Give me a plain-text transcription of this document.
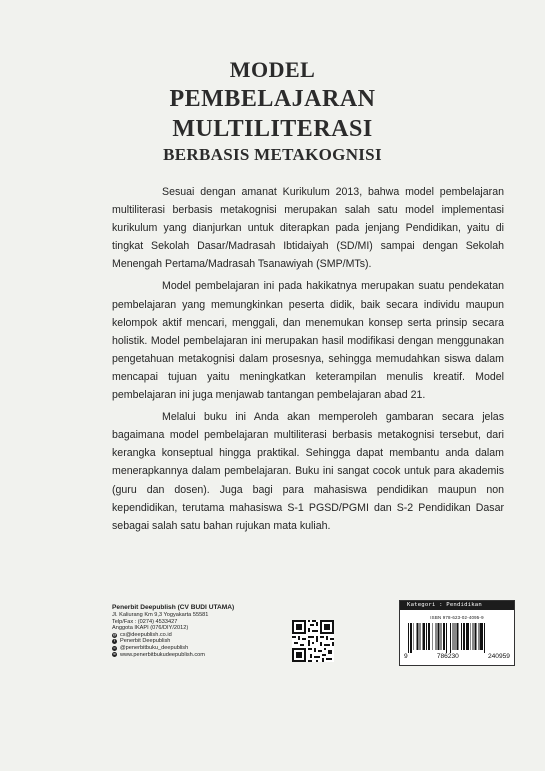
MODEL
PEMBELAJARAN
MULTILITERASI
BERBASIS METAKOGNISI

Sesuai dengan amanat Kurikulum 2013, bahwa model pembelajaran multiliterasi berbasis metakognisi merupakan salah satu model implementasi kurikulum yang dianjurkan untuk diterapkan pada jenjang Pendidikan, yaitu di tingkat Sekolah Dasar/Madrasah Ibtidaiyah (SD/MI) sampai dengan Sekolah Menengah Pertama/Madrasah Tsanawiyah (SMP/MTs).

Model pembelajaran ini pada hakikatnya merupakan suatu pendekatan pembelajaran yang memungkinkan peserta didik, baik secara individu maupun kelompok aktif mencari, menggali, dan menemukan konsep serta prinsip secara holistik. Model pembelajaran ini merupakan hasil modifikasi dengan menggunakan pengetahuan metakognisi dalam prosesnya, sehingga memudahkan siswa dalam mencapai tujuan yaitu meningkatkan keterampilan menulis kreatif. Model pembelajaran ini juga menjawab tantangan pembelajaran abad 21.

Melalui buku ini Anda akan memperoleh gambaran secara jelas bagaimana model pembelajaran multiliterasi berbasis metakognisi tersebut, dari kerangka konseptual hingga praktikal. Sehingga dapat membantu anda dalam menerapkannya dalam pembelajaran. Buku ini sangat cocok untuk para akademis (guru dan dosen). Juga bagi para mahasiswa pendidikan maupun non kependidikan, terutama mahasiswa S-1 PGSD/PGMI dan S-2 Pendidikan Dasar sebagai salah satu bahan rujukan mata kuliah.

Penerbit Deepublish (CV BUDI UTAMA)
Jl. Kaliurang Km 9,3 Yogyakarta 55581
Telp/Fax : (0274) 4533427
Anggota IKAPI (076/DIY/2012)
@ cs@deepublish.co.id
f Penerbit Deepublish
o @penerbitbuku_deepublish
w www.penerbitbukudeepublish.com
Kategori : Pendidikan
ISBN 978-623-02-4095-9
9	786230	240959
